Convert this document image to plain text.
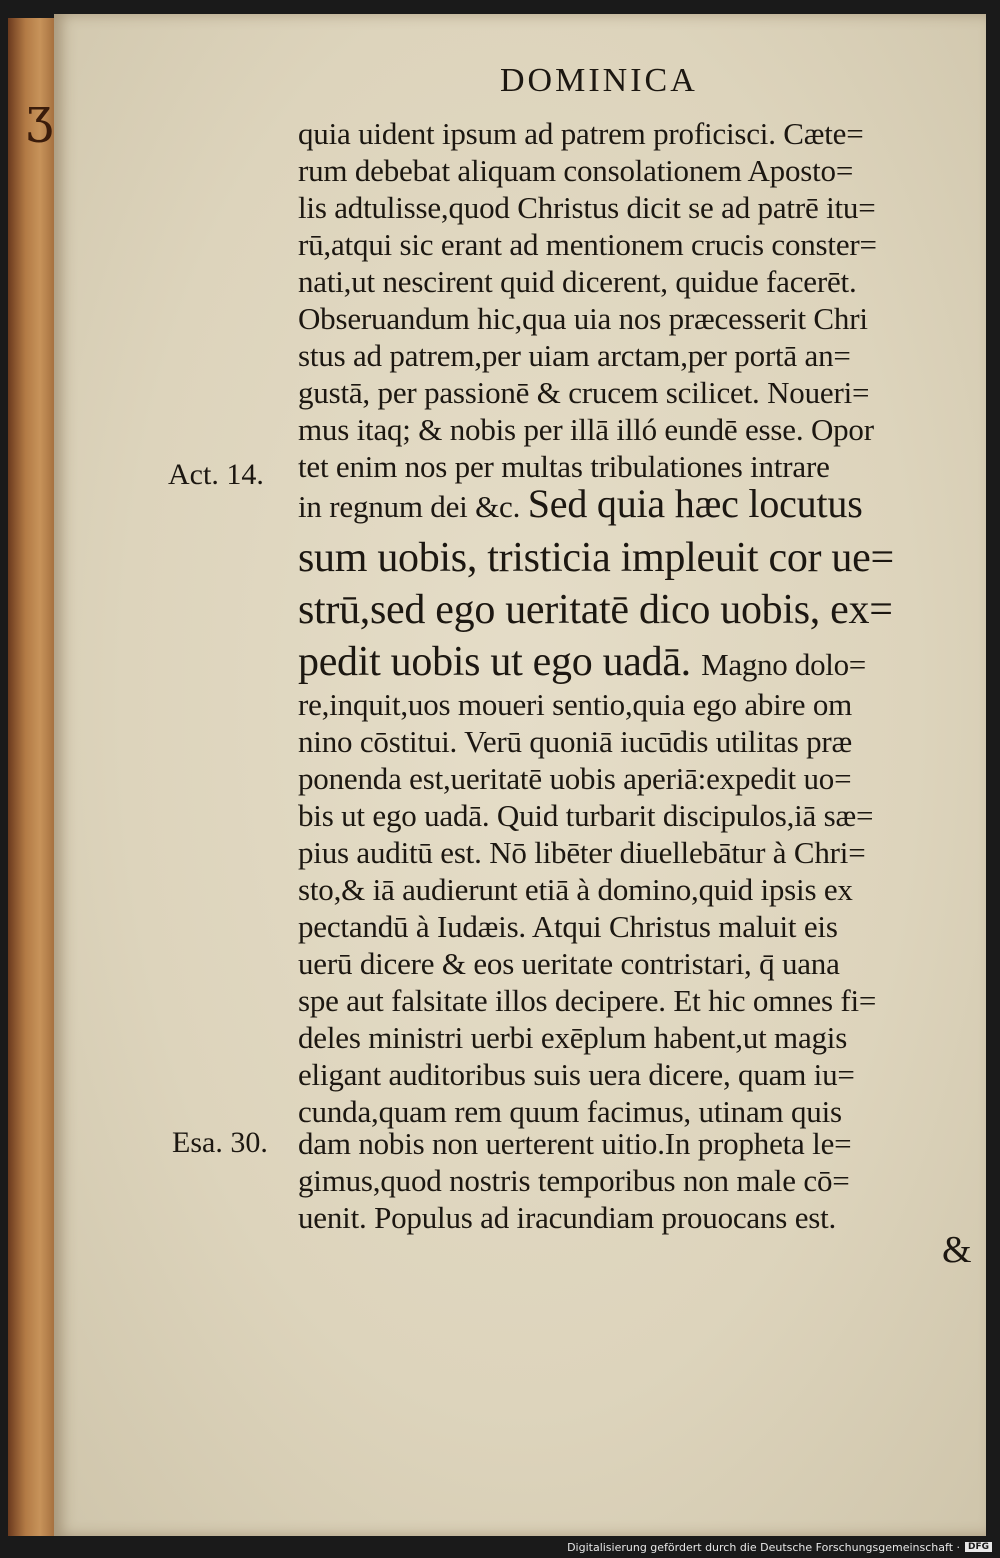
ʒ
DOMINICA
Act. 14.
Esa. 30.
quia uident ipsum ad patrem proficisci. Cæte=
rum debebat aliquam consolationem Aposto=
lis adtulisse,quod Christus dicit se ad patrē itu=
rū,atqui sic erant ad mentionem crucis conster=
nati,ut nescirent quid dicerent, quidue facerēt.
Obseruandum hic,qua uia nos præcesserit Chri
stus ad patrem,per uiam arctam,per portā an=
gustā, per passionē & crucem scilicet. Noueri=
mus itaq; & nobis per illā illó eundē esse. Opor
tet enim nos per multas tribulationes intrare
in regnum dei &c. Sed quia hæc locutus
sum uobis, tristicia impleuit cor ue=
strū,sed ego ueritatē dico uobis, ex=
pedit uobis ut ego uadā. Magno dolo=
re,inquit,uos moueri sentio,quia ego abire om
nino cōstitui. Verū quoniā iucūdis utilitas præ
ponenda est,ueritatē uobis aperiā:expedit uo=
bis ut ego uadā. Quid turbarit discipulos,iā sæ=
pius auditū est. Nō libēter diuellebātur à Chri=
sto,& iā audierunt etiā à domino,quid ipsis ex
pectandū à Iudæis. Atqui Christus maluit eis
uerū dicere & eos ueritate contristari, q̄ uana
spe aut falsitate illos decipere. Et hic omnes fi=
deles ministri uerbi exēplum habent,ut magis
eligant auditoribus suis uera dicere, quam iu=
cunda,quam rem quum facimus, utinam quis
dam nobis non uerterent uitio.In propheta le=
gimus,quod nostris temporibus non male cō=
uenit. Populus ad iracundiam prouocans est.
&
Digitalisierung gefördert durch die Deutsche Forschungsgemeinschaft · DFG
